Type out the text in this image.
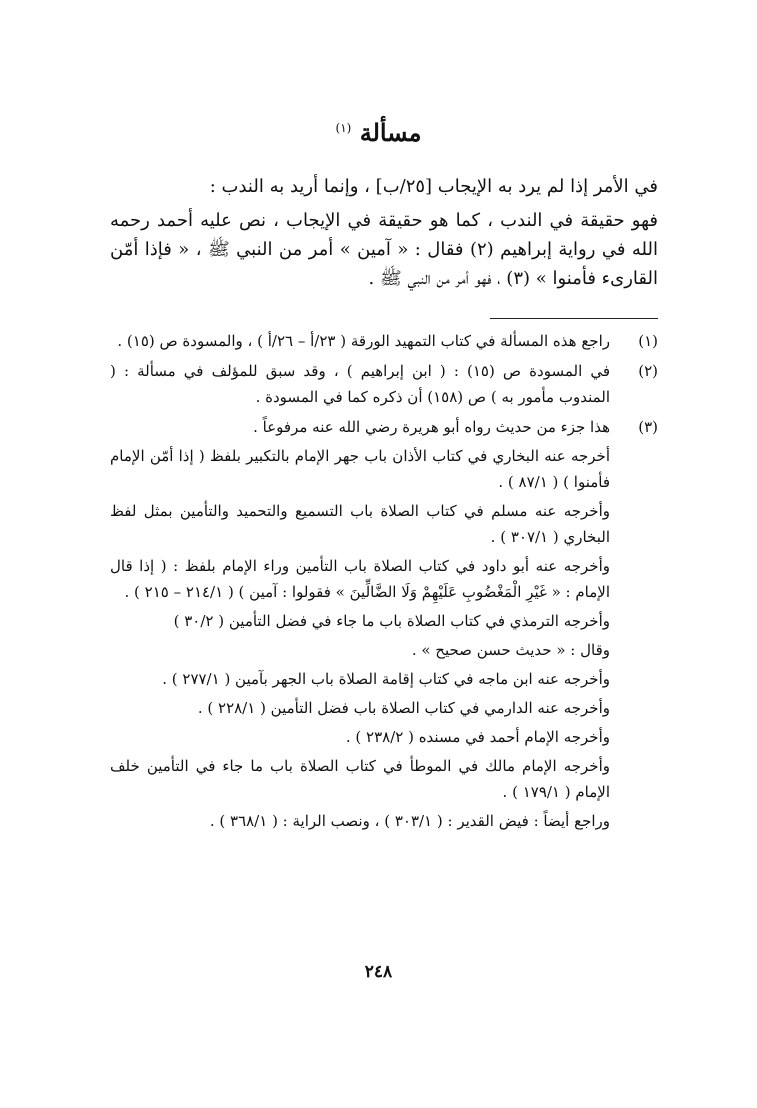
مسألة $^{(١)}$

في الأمر إذا لم يرد به الإيجاب [٢٥/ب] ، وإنما أريد به الندب :

فهو حقيقة في الندب ، كما هو حقيقة في الإيجاب ، نص عليه أحمد رحمه الله في رواية إبراهيم (٢) فقال : « آمين » أمر من النبي ﷺ ، « فإذا أمّن القارىء فأمنوا » (٣) ، فهو أمر من النبي ﷺ .

(١)

راجع هذه المسألة في كتاب التمهيد الورقة ( ٢٣/أ – ٢٦/أ ) ، والمسودة ص (١٥) .

(٢)

في المسودة ص (١٥) : ( ابن إبراهيم ) ، وقد سبق للمؤلف في مسألة : ( المندوب مأمور به ) ص (١٥٨) أن ذكره كما في المسودة .

(٣)

هذا جزء من حديث رواه أبو هريرة رضي الله عنه مرفوعاً .

أخرجه عنه البخاري في كتاب الأذان باب جهر الإمام بالتكبير بلفظ ( إذا أمّن الإمام فأمنوا ) ( ٨٧/١ ) .

وأخرجه عنه مسلم في كتاب الصلاة باب التسميع والتحميد والتأمين بمثل لفظ البخاري ( ٣٠٧/١ ) .

وأخرجه عنه أبو داود في كتاب الصلاة باب التأمين وراء الإمام بلفظ : ( إذا قال الإمام : « غَيْرِ الْمَغْضُوبِ عَلَيْهِمْ وَلَا الضَّالِّينَ » فقولوا : آمين ) ( ٢١٤/١ – ٢١٥ ) .

وأخرجه الترمذي في كتاب الصلاة باب ما جاء في فضل التأمين ( ٣٠/٢ )

وقال : « حديث حسن صحيح » .

وأخرجه عنه ابن ماجه في كتاب إقامة الصلاة باب الجهر بآمين ( ٢٧٧/١ ) .

وأخرجه عنه الدارمي في كتاب الصلاة باب فضل التأمين ( ٢٢٨/١ ) .

وأخرجه الإمام أحمد في مسنده ( ٢٣٨/٢ ) .

وأخرجه الإمام مالك في الموطأ في كتاب الصلاة باب ما جاء في التأمين خلف الإمام ( ١٧٩/١ ) .

وراجع أيضاً : فيض القدير : ( ٣٠٣/١ ) ، ونصب الراية : ( ٣٦٨/١ ) .

٢٤٨
